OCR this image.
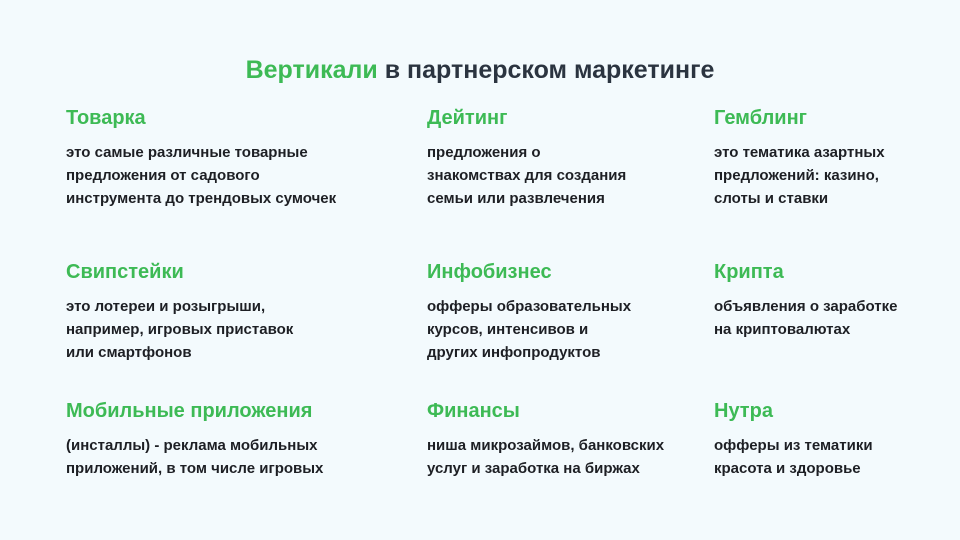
Вертикали в партнерском маркетинге
Товарка
это самые различные товарные
предложения от садового
инструмента до трендовых сумочек
Дейтинг
предложения о
знакомствах для создания
семьи или развлечения
Гемблинг
это тематика азартных
предложений: казино,
слоты и ставки
Свипстейки
это лотереи и розыгрыши,
например, игровых приставок
или смартфонов
Инфобизнес
офферы образовательных
курсов, интенсивов и
других инфопродуктов
Крипта
объявления о заработке
на криптовалютах
Мобильные приложения
(инсталлы) - реклама мобильных
приложений, в том числе игровых
Финансы
ниша микрозаймов, банковских
услуг и заработка на биржах
Нутра
офферы из тематики
красота и здоровье
